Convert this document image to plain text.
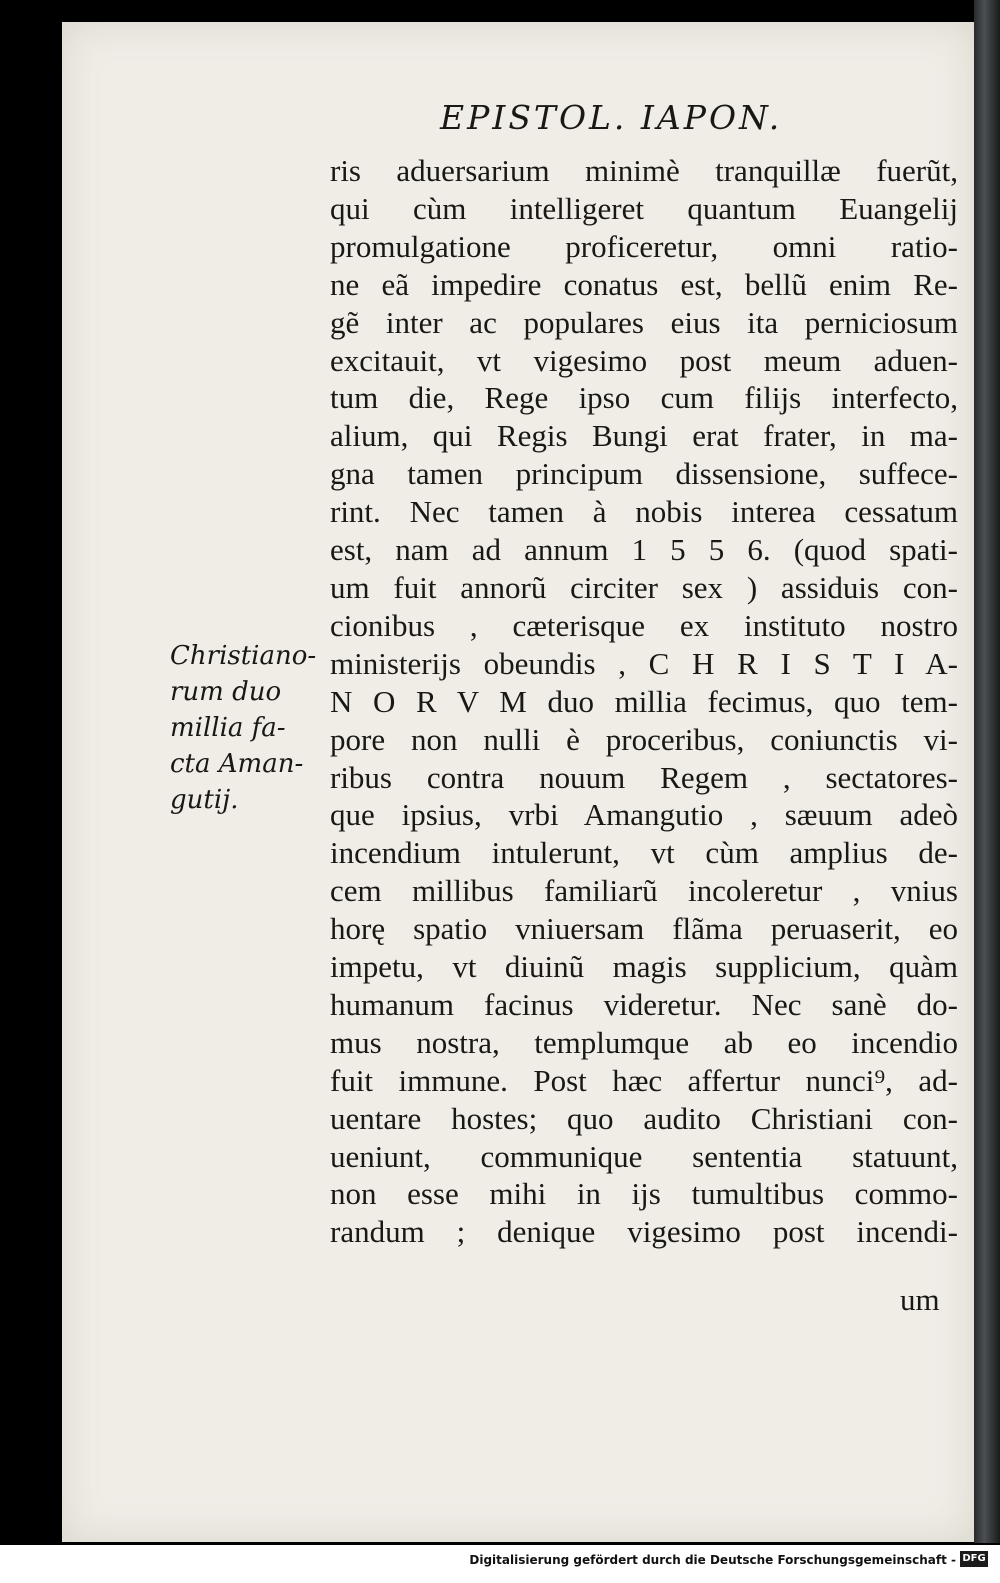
EPISTOL. IAPON.
Christiano-
rum duo
millia fa-
cta Aman-
gutij.
ris aduersarium minimè tranquillæ fuerũt,
qui cùm intelligeret quantum Euangelij
promulgatione proficeretur, omni ratio-
ne eã impedire conatus est, bellũ enim Re-
gẽ inter ac populares eius ita perniciosum
excitauit, vt vigesimo post meum aduen-
tum die, Rege ipso cum filijs interfecto,
alium, qui Regis Bungi erat frater, in ma-
gna tamen principum dissensione, suffece-
rint. Nec tamen à nobis interea cessatum
est, nam ad annum 1 5 5 6. (quod spati-
um fuit annorũ circiter sex ) assiduis con-
cionibus , cæterisque ex instituto nostro
ministerijs obeundis , C H R I S T I A-
N O R V M duo millia fecimus, quo tem-
pore non nulli è proceribus, coniunctis vi-
ribus contra nouum Regem , sectatores-
que ipsius, vrbi Amangutio , sæuum adeò
incendium intulerunt, vt cùm amplius de-
cem millibus familiarũ incoleretur , vnius
horę spatio vniuersam flãma peruaserit, eo
impetu, vt diuinũ magis supplicium, quàm
humanum facinus videretur. Nec sanè do-
mus nostra, templumque ab eo incendio
fuit immune. Post hæc affertur nunci⁹, ad-
uentare hostes; quo audito Christiani con-
ueniunt, communique sententia statuunt,
non esse mihi in ijs tumultibus commo-
randum ; denique vigesimo post incendi-
um
Digitalisierung gefördert durch die Deutsche Forschungsgemeinschaft - DFG
